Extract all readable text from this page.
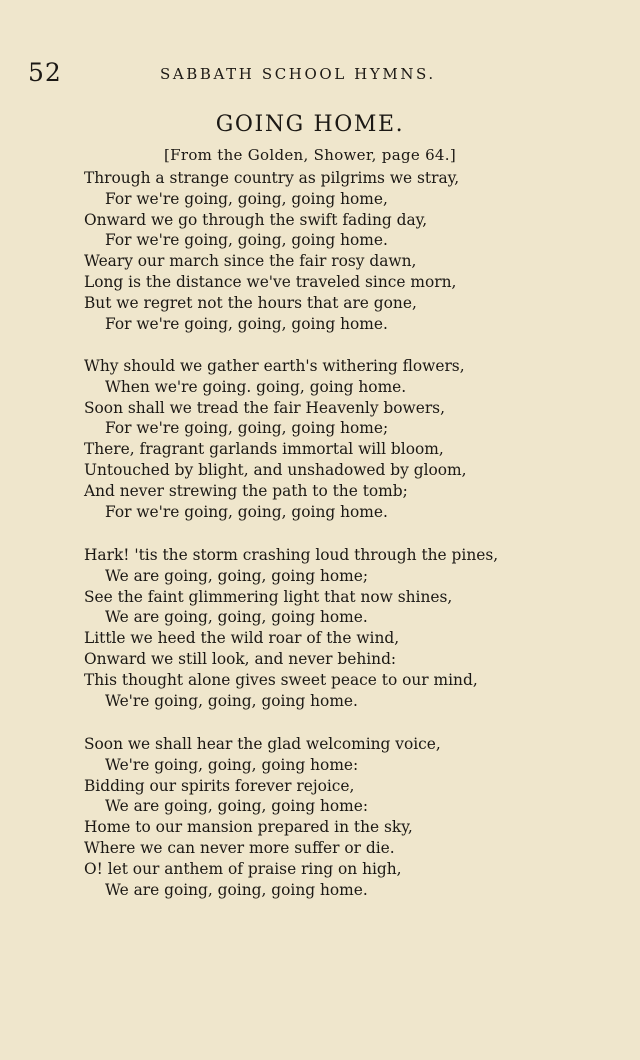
52	SABBATH SCHOOL HYMNS.
GOING HOME.
[From the Golden, Shower, page 64.]
Through a strange country as pilgrims we stray,
For we're going, going, going home,
Onward we go through the swift fading day,
For we're going, going, going home.
Weary our march since the fair rosy dawn,
Long is the distance we've traveled since morn,
But we regret not the hours that are gone,
For we're going, going, going home.
Why should we gather earth's withering flowers,
When we're going. going, going home.
Soon shall we tread the fair Heavenly bowers,
For we're going, going, going home;
There, fragrant garlands immortal will bloom,
Untouched by blight, and unshadowed by gloom,
And never strewing the path to the tomb;
For we're going, going, going home.
Hark! 'tis the storm crashing loud through the pines,
We are going, going, going home;
See the faint glimmering light that now shines,
We are going, going, going home.
Little we heed the wild roar of the wind,
Onward we still look, and never behind:
This thought alone gives sweet peace to our mind,
We're going, going, going home.
Soon we shall hear the glad welcoming voice,
We're going, going, going home:
Bidding our spirits forever rejoice,
We are going, going, going home:
Home to our mansion prepared in the sky,
Where we can never more suffer or die.
O! let our anthem of praise ring on high,
We are going, going, going home.
